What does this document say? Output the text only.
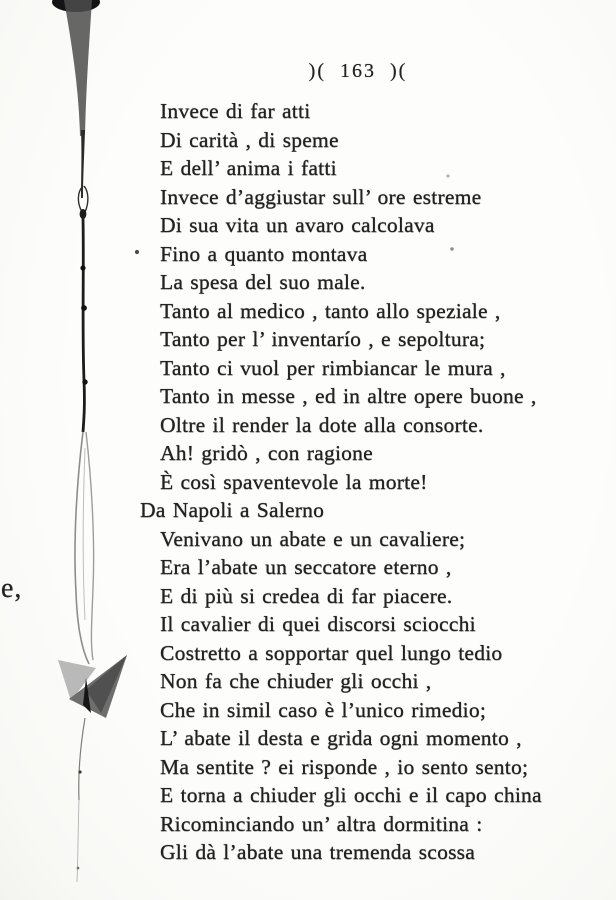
e,
)( 163 )(
Invece di far atti
Di carità , di speme
E dell’ anima i fatti
Invece d’aggiustar sull’ ore estreme
Di sua vita un avaro calcolava
Fino a quanto montava
La spesa del suo male.
Tanto al medico , tanto allo speziale ,
Tanto per l’ inventarío , e sepoltura;
Tanto ci vuol per rimbiancar le mura ,
Tanto in messe , ed in altre opere buone ,
Oltre il render la dote alla consorte.
Ah! gridò , con ragione
È così spaventevole la morte!
Da Napoli a Salerno
Venivano un abate e un cavaliere;
Era l’abate un seccatore eterno ,
E di più si credea di far piacere.
Il cavalier di quei discorsi sciocchi
Costretto a sopportar quel lungo tedio
Non fa che chiuder gli occhi ,
Che in simil caso è l’unico rimedio;
L’ abate il desta e grida ogni momento ,
Ma sentite ? ei risponde , io sento sento;
E torna a chiuder gli occhi e il capo china
Ricominciando un’ altra dormitina :
Gli dà l’abate una tremenda scossa
